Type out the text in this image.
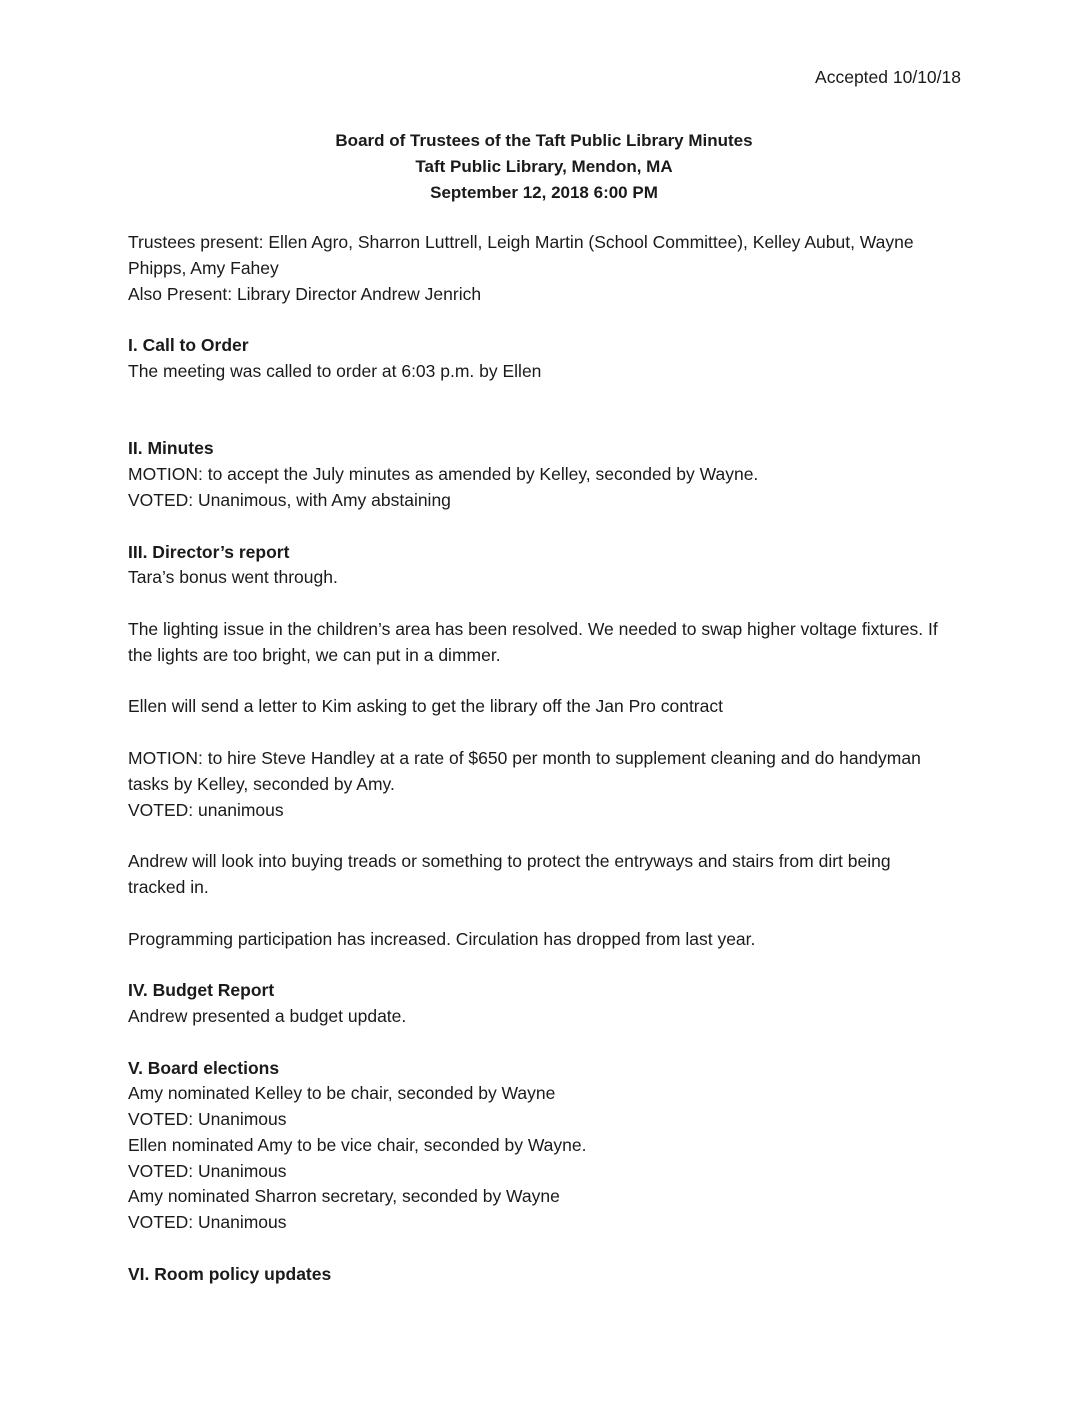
Accepted 10/10/18
Board of Trustees of the Taft Public Library Minutes
Taft Public Library, Mendon, MA
September 12, 2018 6:00 PM

Trustees present: Ellen Agro, Sharron Luttrell, Leigh Martin (School Committee), Kelley Aubut, Wayne

Phipps, Amy Fahey

Also Present: Library Director Andrew Jenrich

I. Call to Order

The meeting was called to order at 6:03 p.m. by Ellen

II. Minutes

MOTION: to accept the July minutes as amended by Kelley, seconded by Wayne.

VOTED: Unanimous, with Amy abstaining

III. Director’s report

Tara’s bonus went through.

The lighting issue in the children’s area has been resolved. We needed to swap higher voltage fixtures. If

the lights are too bright, we can put in a dimmer.

Ellen will send a letter to Kim asking to get the library off the Jan Pro contract

MOTION: to hire Steve Handley at a rate of $650 per month to supplement cleaning and do handyman

tasks by Kelley, seconded by Amy.

VOTED: unanimous

Andrew will look into buying treads or something to protect the entryways and stairs from dirt being

tracked in.

Programming participation has increased. Circulation has dropped from last year.

IV. Budget Report

Andrew presented a budget update.

V. Board elections

Amy nominated Kelley to be chair, seconded by Wayne

VOTED: Unanimous

Ellen nominated Amy to be vice chair, seconded by Wayne.

VOTED: Unanimous

Amy nominated Sharron secretary, seconded by Wayne

VOTED: Unanimous

VI. Room policy updates
